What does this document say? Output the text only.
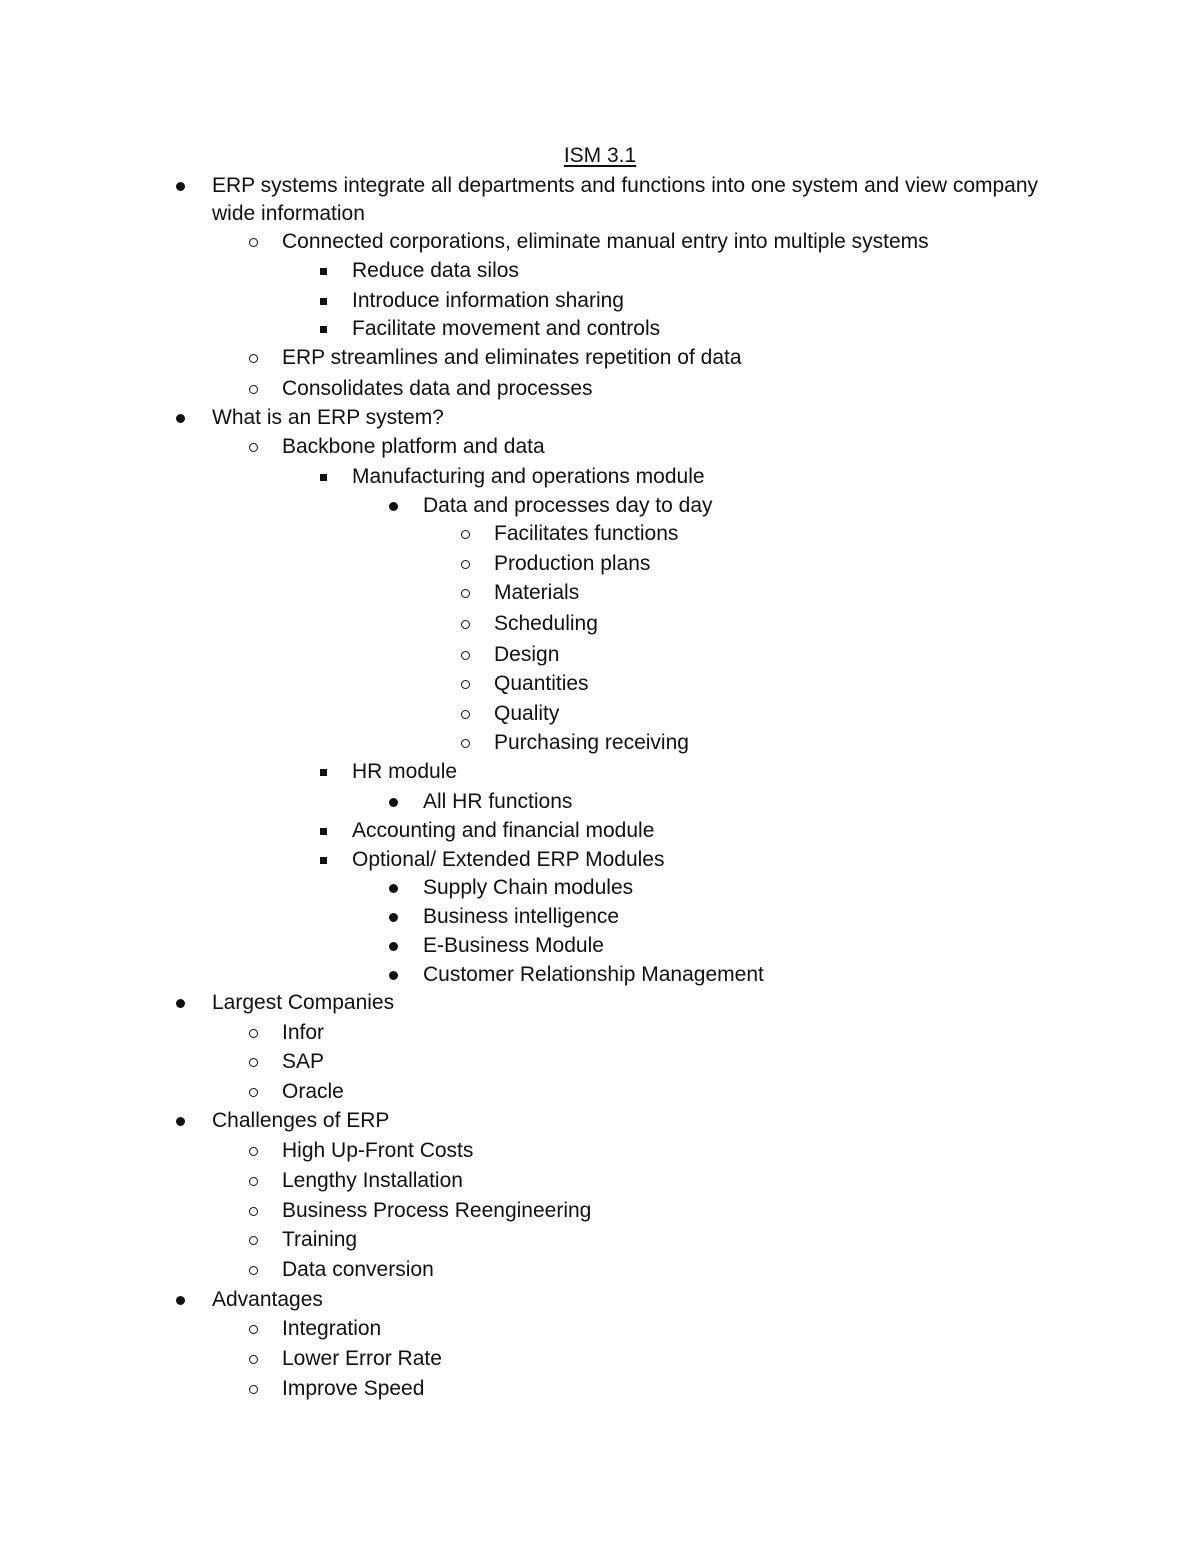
ISM 3.1
ERP systems integrate all departments and functions into one system and view company
wide information
Connected corporations, eliminate manual entry into multiple systems
Reduce data silos
Introduce information sharing
Facilitate movement and controls
ERP streamlines and eliminates repetition of data
Consolidates data and processes
What is an ERP system?
Backbone platform and data
Manufacturing and operations module
Data and processes day to day
Facilitates functions
Production plans
Materials
Scheduling
Design
Quantities
Quality
Purchasing receiving
HR module
All HR functions
Accounting and financial module
Optional/ Extended ERP Modules
Supply Chain modules
Business intelligence
E-Business Module
Customer Relationship Management
Largest Companies
Infor
SAP
Oracle
Challenges of ERP
High Up-Front Costs
Lengthy Installation
Business Process Reengineering
Training
Data conversion
Advantages
Integration
Lower Error Rate
Improve Speed
